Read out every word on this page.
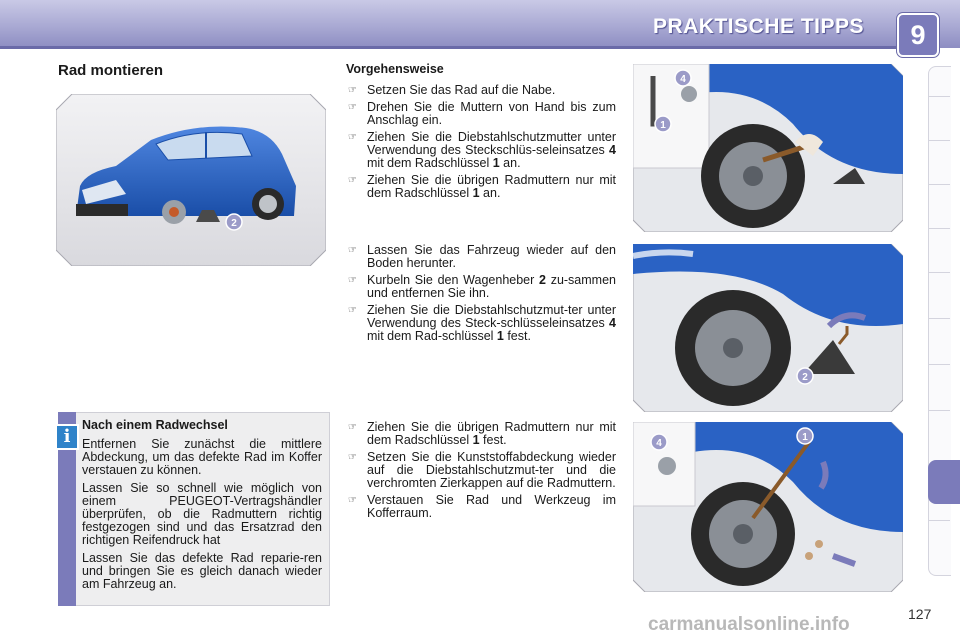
PRAKTISCHE TIPPS	9
Rad montieren
2
i
Nach einem Radwechsel

Entfernen Sie zunächst die mittlere Abdeckung, um das defekte Rad im Koffer verstauen zu können.

Lassen Sie so schnell wie möglich von einem PEUGEOT-Vertragshändler überprüfen, ob die Radmuttern richtig festgezogen sind und das Ersatzrad den richtigen Reifendruck hat

Lassen Sie das defekte Rad reparie-ren und bringen Sie es gleich danach wieder am Fahrzeug an.

Vorgehensweise
☞ Setzen Sie das Rad auf die Nabe.
☞ Drehen Sie die Muttern von Hand bis zum Anschlag ein.
☞ Ziehen Sie die Diebstahlschutzmutter unter Verwendung des Steckschlüs-seleinsatzes 4 mit dem Radschlüssel 1 an.
☞ Ziehen Sie die übrigen Radmuttern nur mit dem Radschlüssel 1 an.
☞ Lassen Sie das Fahrzeug wieder auf den Boden herunter.
☞ Kurbeln Sie den Wagenheber 2 zu-sammen und entfernen Sie ihn.
☞ Ziehen Sie die Diebstahlschutzmut-ter unter Verwendung des Steck-schlüsseleinsatzes 4 mit dem Rad-schlüssel 1 fest.
☞ Ziehen Sie die übrigen Radmuttern nur mit dem Radschlüssel 1 fest.
☞ Setzen Sie die Kunststoffabdeckung wieder auf die Diebstahlschutzmut-ter und die verchromten Zierkappen auf die Radmuttern.
☞ Verstauen Sie Rad und Werkzeug im Kofferraum.
4
1
2
4
1
127
carmanualsonline.info
